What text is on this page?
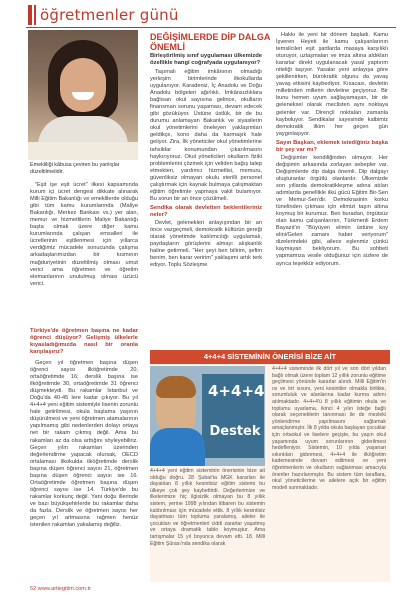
öğretmenler günü
Emekliliği kâbusa çeviren bu yanlışlar düzeltilmelidir.

"Eşit işe eşit ücret" ilkesi kapsamında kurum içi ücret dengesi dikkate alınarak Milli Eğitim Bakanlığı ve emeklilerde olduğu gibi tüm kamu kurumlarında (Maliye Bakanlığı, Merkez Bankası vs.) yer alan, memur ve hizmetlilerin Maliye Bakanlığı başta olmak üzere diğer kamu kurumlarında çalışan emsalleri ile ücretlerinin eşitlenmesi için yıllarca verdiğimiz mücadele sonucunda çalışma arkadaşlarımızdan bir kısmının mağduriyetinin düzeltilmiş olması umut verici ama öğretmen ve öğretim elemanlarının unutulmuş olması üzücü verici.

Türkiye'de öğretmen başına ne kadar öğrenci düşüyor? Gelişmiş ülkelerle kıyasladığımızda nasıl bir oranla karşılaşırız?

Geçen yıl öğretmen başına düşen öğrenci sayısı ilköğretimde 20, ortaöğretimde 16; derslik başına ise ilköğretimde 30, ortaöğretimde 31 öğrenci düşmekteydi. Bu rakamlar İstanbul ve Doğu'da 40-45 lere kadar çıkıyor. Bu yıl 4+4+4 yeni eğitim sistemiyle lisenin zorunlu hale getirilmesi, okula başlama yaşının düşürülmesi ve yeni öğretmen atamalarının yapılmamış gibi nedenlerden dolayı ortaya net bir rakam çıkmış değil. Ama bu rakamları az da olsa arttığını söyleyebiliriz. Geçen yılın rakamları üzerinden değerlendirme yapacak olursak, OECD ortalaması ilkokulda ilköğretimde derslik başına düşen öğrenci sayısı 21, öğretmen başına düşen öğrenci sayısı ise 16. Ortaöğretimde öğretmen başına düşen öğrenci sayısı ise 14. Türkiye'de bu rakamlar korkunç değil. Yani doğu illerinde ve bazı büyükşehirlerde bu rakamlar daha da fazla. Derslik ve öğretmen sayısı her geçen yıl artmasına rağmen henüz istenilen rakamları yakalamış değiliz.

DEĞİŞİMLERDE DİP DALGA ÖNEMLİ

Birleştirilmiş sınıf uygulaması ülkemizde özellikle hangi coğrafyada uygulanıyor?

Taşımalı eğitim imkânının olmadığı yerleşim birimlerinde ilkokullarda uygulanıyor. Karadeniz, İç Anadolu ve Doğu Anadolu bölgeleri ağırlıklı. İmkânsızlıklara bağlısan okul sayısına gelince, okulların finansman sorunu yaşaması, devam edecek gibi gözüküyor. Üstüne üstlük, bir de bu durumu anlamayan Bakanlık ve siyasilerin okul yönetimlerini öneleyen yaklaşımları geldikçe, kono daha da karmaşık hale geliyor. Zira, İlk yöneticiler okul yönetimlerine tahsildar konumundan çıkarılmasını haykırıyoruz. Okul yöneticileri okulların fiziki problemlerini çözmek için veliden bağış talep etmekten, yardımcı hizmetlisi, memuru, güvenliksiz olmayan okulu sterilli personel çalıştırmak için kaynak bulmaya çalışmaktan eğitim öğretimle yapmaya vakit bulamıyor. Bu sorun bir an önce çözülmeli.

Sendika olarak devletten beklentileriniz neler?

Devlet, gelenekleri anlayışından bir an önce vazgeçmeli, demokratik kültürün gereği olarak yönetimde katılımcılığı uygulamalı, paydaşların görüşlerini almayı alışkanlık haline getirmeli. "Her şeyi ben bilirim, şefim benim, ben karar veririm" yaklaşımı artık terk ediyor. Toplu Sözleşme

Hakkı ile yeni bir dönem başladı. Kamu İşveren Heyeti ile kamu çalışanlarının temsilcileri eşit şartlarda masaya karşılıklı oturuyor, uzlaşmaları ve imza altına aldıkları kararlar direkt uygulanacak yasal yaptırım niteliği taşıyor. Yasalar yeni anlayışa göre şekillenirken, bürokratik olgunu da yavaş yavaş etkisini kaybediyor. Kısacası, devletin milletinden millerin devletine geçiyoruz. Bir bunu hemen uyum sağlayamayan, bir de geleneksel olarak meclisten aynı noktaya gelenler var. Dirençli noktaları zamanla kayboluyor. Sendikalar sayesinde kalbimiz demokratik ilkim her geçen gün yaygınlaşıyor.

Sayın Başkan, eklemek istediğiniz başka bir şey var mı?

Değişimler kendiliğinden olmuyor. Her değişimin arkasında zorlayan sebepler var. Değişimlerde dip dalga önemli. Dip dalgayı oluşturanlar örgütlü olanlardır. Ülkemizde son yıllarda demokratikleşme adına atılan adımlarda genellikle ilkü gücü Eğitim Bir-Sen ve Memur-Sen'dir. Demokrasinin korku tünelinden çıkması için elimizi taşın altına koymuş bir kurumuz. Ben buradan, örgütsüz olan kamu çalışanlarının, Türkmenli Erdem Bayazıt'ın "Büyüyen elimin üstüne koy elini/Gelen zamanı haber veriyorum" dizelerindeki gibi, ailece eşlenmiz çünkü kaymayan bekliyorum. Bu sohbeti yapmamıza vesile olduğunuz için sizlere de ayrıca teşekkür ediyorum.

4+4+4 SİSTEMİNİN ÖNERİSİ BİZE AİT
4+4+4
Destek
4+4+4 yeni eğitim sisteminin önerisinin bize ait olduğu doğru. 28 Şubat'ta MGK kararları ile dayatılan 8 yıllık kesintisiz eğitim sistemi bu ülkeye çok şey kaybettirdi. Değerlerimize ve ilkelerimize hiç ilgisizlik olmayan bu 8 yıllık sistem, yerine 1998 yılından itibaren bu sistemin kaldırılması için mücadele ettik. 8 yıllık kesintisiz dayatması tüm toplumu yaralamış, aileler ile çocukları ve öğretmenleri ciddi zararlar yaşatmış ve ortaya dramatik tablo koymuştur. Ama tartışmalar 15 yıl boyunca devam etti. 18. Milli Eğitim Şûrası'nda sendika olarak
4+4+4 sisteminde ilk dört yıl ve son dört yıldan bağlı olmak üzere toplam 12 yıllık zorunlu eğitime geçilmesi yönünde kararlar alındı. Milli Eğitim'in ısı ve ört ısısını, yeni kesintiler olmakla birlikte, sorumluluk ve alanlarına kadar kurma adımı atılmaktadır. 4+4+4'ü 8 yıllık eğitimin okula ve toplumu uyarlama, ikinci 4 yılın isteğe bağlı olarak seçeneklerin tanınması ile de mesleki yönlendirme yapılmasını sağlamak amaçlanmıştır. İlk 8 yılda okula başlayan çocuklar için ortaokul ve liselere geçişte, bu yaşın okul yaşamında uyum sorunlarının giderilmesi hedefleniyor. Sistemin, 10 yılda yaşanan sıkıntıları gidermesi, 4+4+4 ile ilköğretim kademesinde devam edilmesi ve yeni öğretmenlerin ve okulların sağlanması amacıyla öneriler hazırlanmıştır. Bu sistem tüm taraflara, okul yöneticilerine ve ailelere açık bir eğitim modeli sunmaktadır.
52 www.artiegitim.com.tr
